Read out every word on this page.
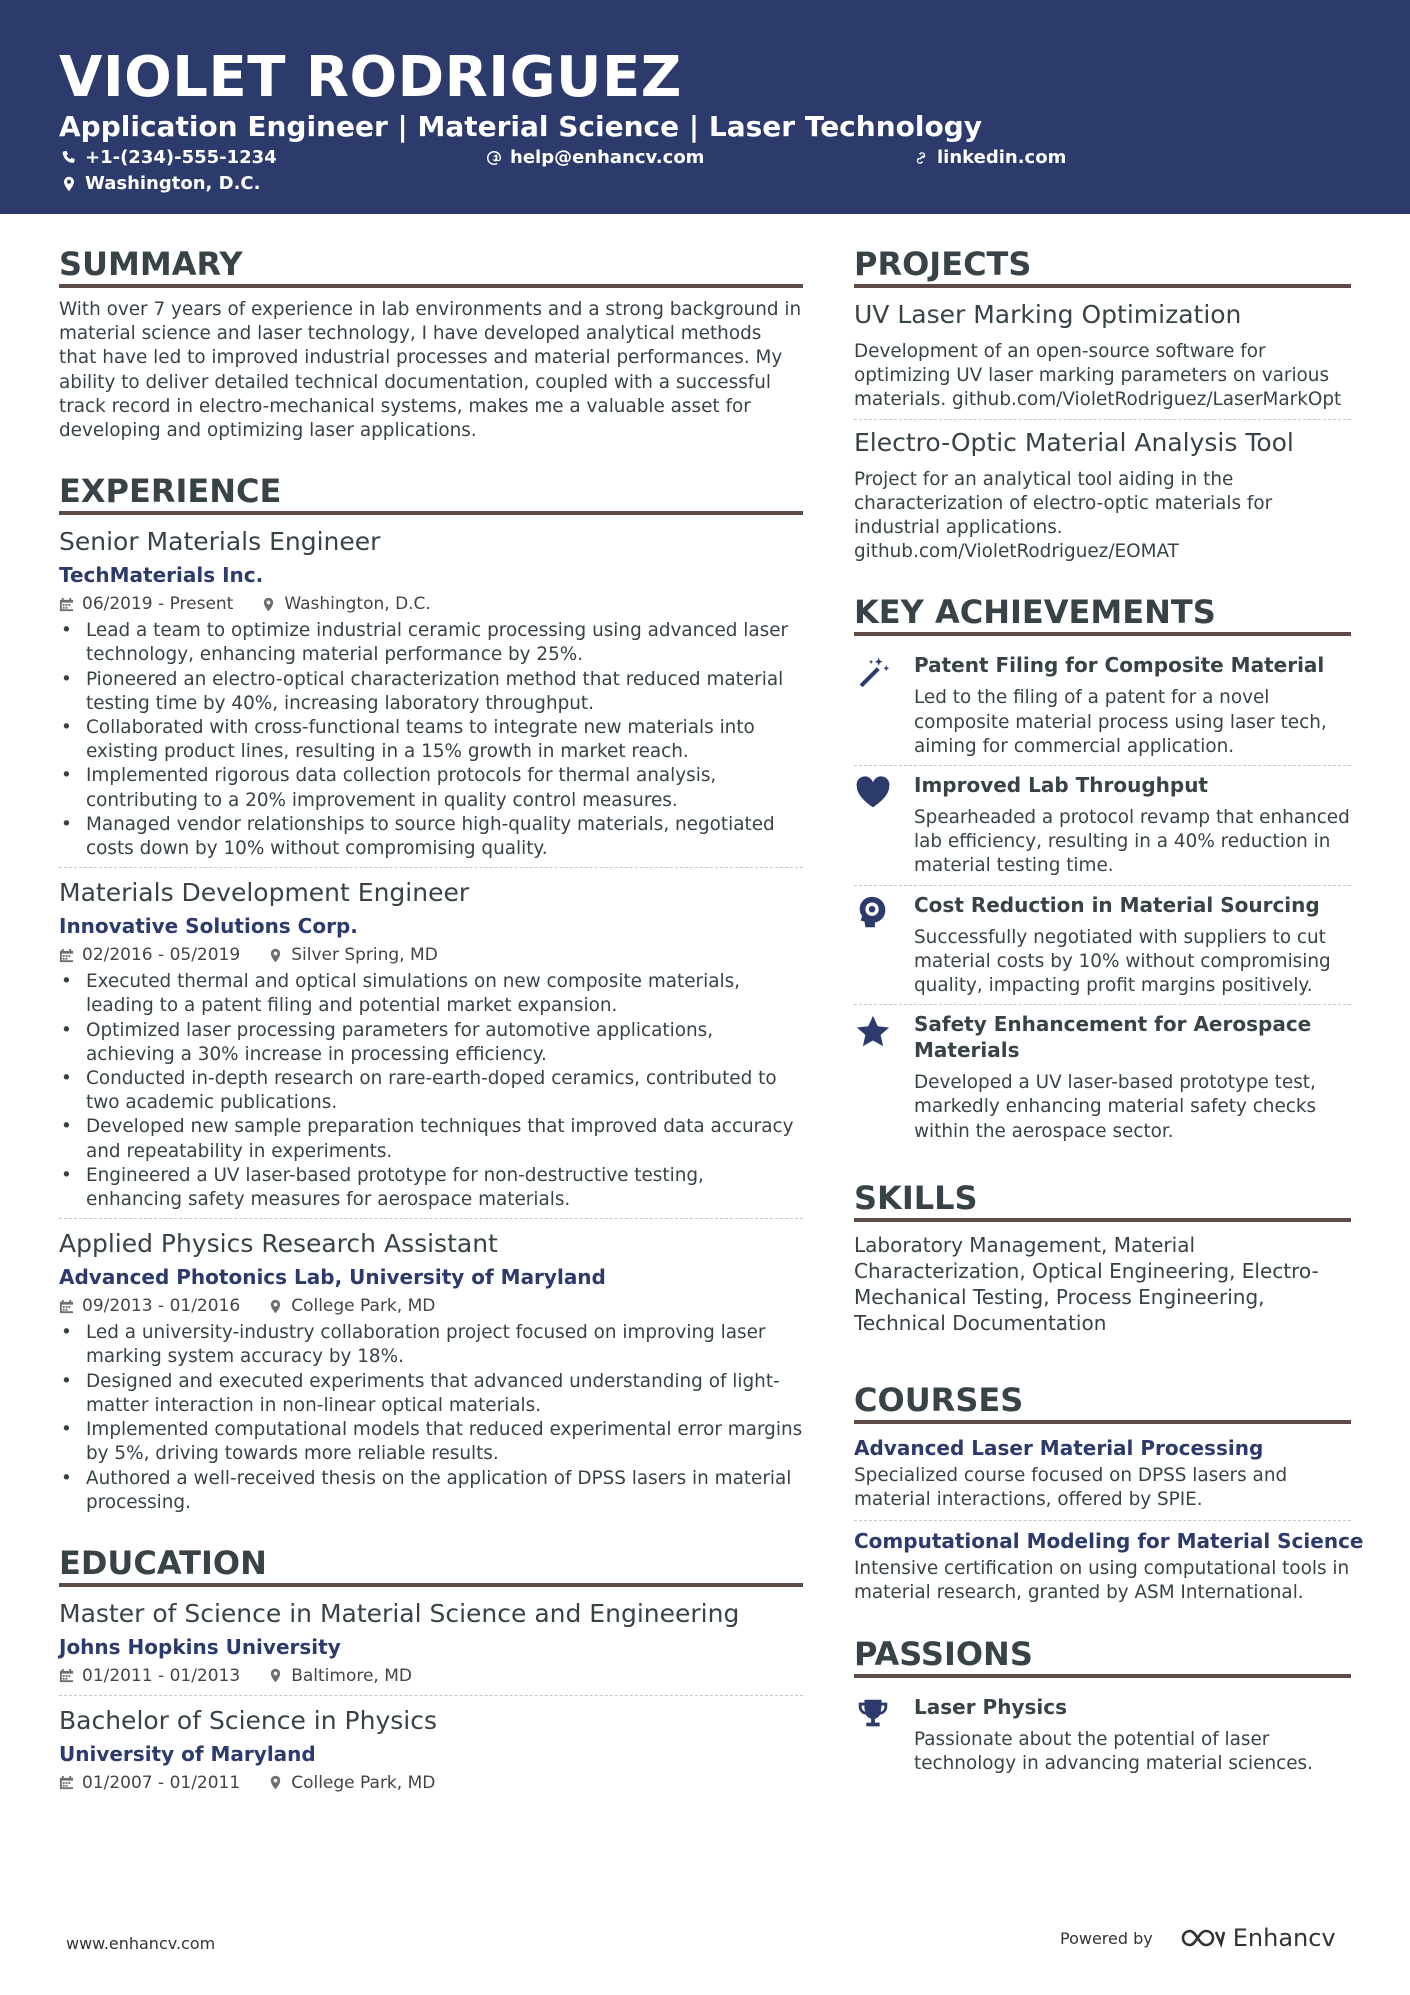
VIOLET RODRIGUEZ
Application Engineer | Material Science | Laser Technology
+1-(234)-555-1234	help@enhancv.com	linkedin.com
Washington, D.C.
SUMMARY

With over 7 years of experience in lab environments and a strong background in material science and laser technology, I have developed analytical methods that have led to improved industrial processes and material performances. My ability to deliver detailed technical documentation, coupled with a successful track record in electro-mechanical systems, makes me a valuable asset for developing and optimizing laser applications.

EXPERIENCE
Senior Materials Engineer
TechMaterials Inc.
06/2019 - Present	Washington, D.C.
• Lead a team to optimize industrial ceramic processing using advanced laser technology, enhancing material performance by 25%.
• Pioneered an electro-optical characterization method that reduced material testing time by 40%, increasing laboratory throughput.
• Collaborated with cross-functional teams to integrate new materials into existing product lines, resulting in a 15% growth in market reach.
• Implemented rigorous data collection protocols for thermal analysis, contributing to a 20% improvement in quality control measures.
• Managed vendor relationships to source high-quality materials, negotiated costs down by 10% without compromising quality.
Materials Development Engineer
Innovative Solutions Corp.
02/2016 - 05/2019	Silver Spring, MD
• Executed thermal and optical simulations on new composite materials, leading to a patent filing and potential market expansion.
• Optimized laser processing parameters for automotive applications, achieving a 30% increase in processing efficiency.
• Conducted in-depth research on rare-earth-doped ceramics, contributed to two academic publications.
• Developed new sample preparation techniques that improved data accuracy and repeatability in experiments.
• Engineered a UV laser-based prototype for non-destructive testing, enhancing safety measures for aerospace materials.
Applied Physics Research Assistant
Advanced Photonics Lab, University of Maryland
09/2013 - 01/2016	College Park, MD
• Led a university-industry collaboration project focused on improving laser marking system accuracy by 18%.
• Designed and executed experiments that advanced understanding of light-matter interaction in non-linear optical materials.
• Implemented computational models that reduced experimental error margins by 5%, driving towards more reliable results.
• Authored a well-received thesis on the application of DPSS lasers in material processing.
EDUCATION
Master of Science in Material Science and Engineering
Johns Hopkins University
01/2011 - 01/2013	Baltimore, MD
Bachelor of Science in Physics
University of Maryland
01/2007 - 01/2011	College Park, MD
PROJECTS
UV Laser Marking Optimization
Development of an open-source software for optimizing UV laser marking parameters on various materials. github.com/VioletRodriguez/LaserMarkOpt
Electro-Optic Material Analysis Tool
Project for an analytical tool aiding in the characterization of electro-optic materials for industrial applications. github.com/VioletRodriguez/EOMAT
KEY ACHIEVEMENTS
Patent Filing for Composite Material
Led to the filing of a patent for a novel composite material process using laser tech, aiming for commercial application.
Improved Lab Throughput
Spearheaded a protocol revamp that enhanced lab efficiency, resulting in a 40% reduction in material testing time.
Cost Reduction in Material Sourcing
Successfully negotiated with suppliers to cut material costs by 10% without compromising quality, impacting profit margins positively.
Safety Enhancement for Aerospace Materials
Developed a UV laser-based prototype test, markedly enhancing material safety checks within the aerospace sector.
SKILLS
Laboratory Management, Material Characterization, Optical Engineering, Electro-Mechanical Testing, Process Engineering, Technical Documentation
COURSES
Advanced Laser Material Processing
Specialized course focused on DPSS lasers and material interactions, offered by SPIE.
Computational Modeling for Material Science
Intensive certification on using computational tools in material research, granted by ASM International.
PASSIONS
Laser Physics
Passionate about the potential of laser technology in advancing material sciences.
www.enhancv.com	Powered by	Enhancv
